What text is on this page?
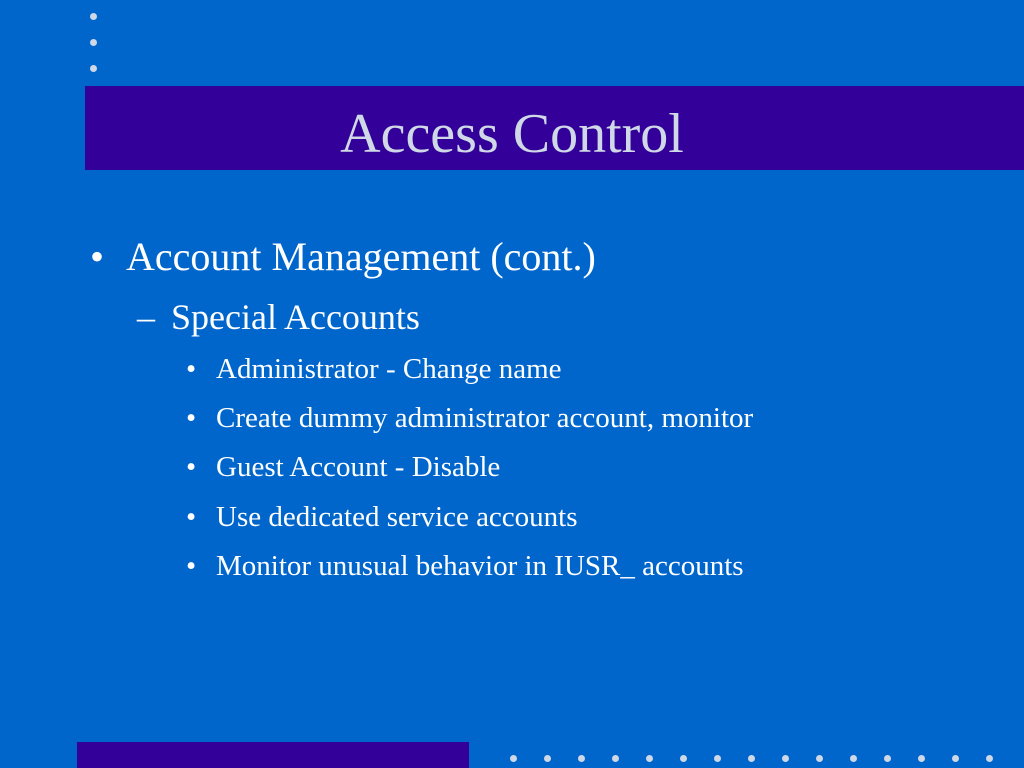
Access Control
• Account Management (cont.)
– Special Accounts
• Administrator - Change name
• Create dummy administrator account, monitor
• Guest Account - Disable
• Use dedicated service accounts
• Monitor unusual behavior in IUSR_ accounts
